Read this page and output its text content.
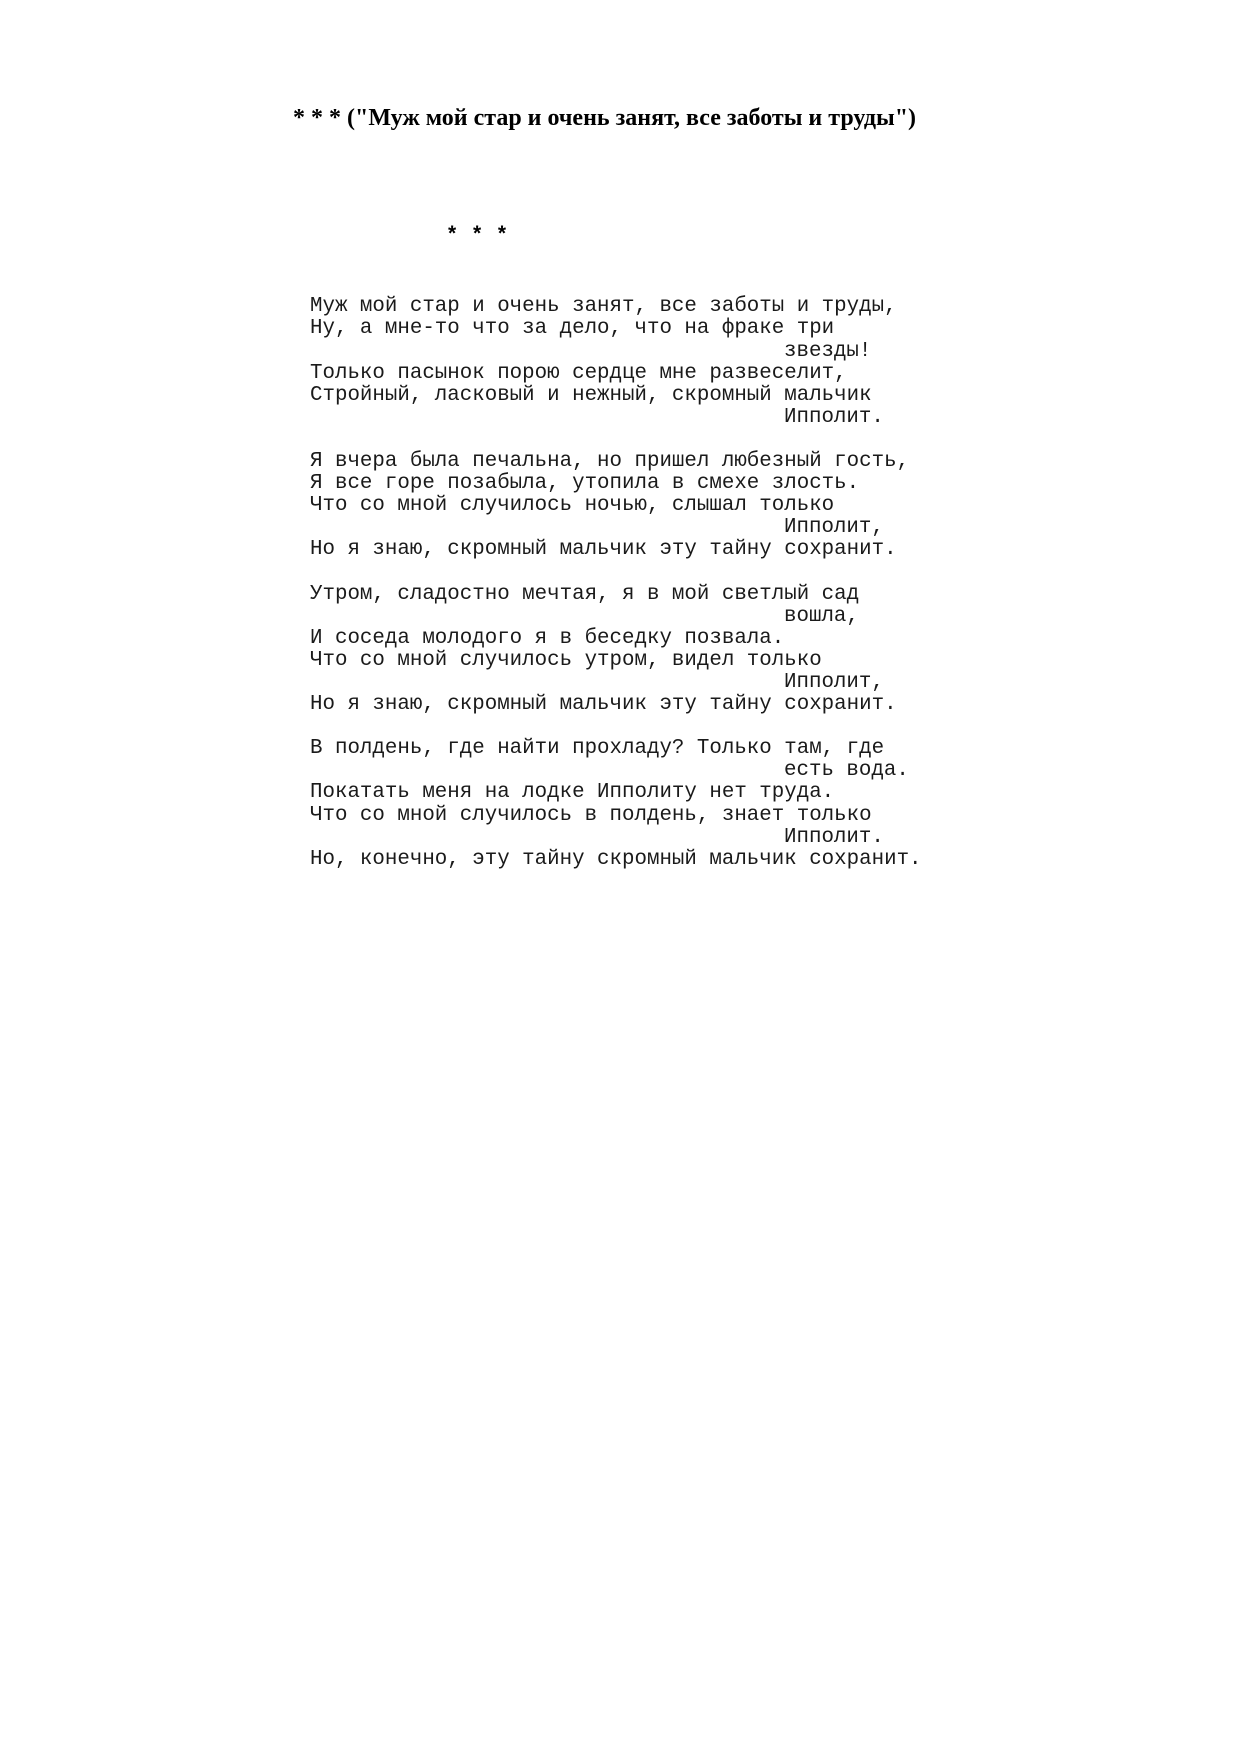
* * * ("Муж мой стар и очень занят, все заботы и труды")

* * *

Муж мой стар и очень занят, все заботы и труды,
Ну, а мне-то что за дело, что на фраке три
звезды!
Только пасынок порою сердце мне развеселит,
Стройный, ласковый и нежный, скромный мальчик
Ипполит.
Я вчера была печальна, но пришел любезный гость,
Я все горе позабыла, утопила в смехе злость.
Что со мной случилось ночью, слышал только
Ипполит,
Но я знаю, скромный мальчик эту тайну сохранит.
Утром, сладостно мечтая, я в мой светлый сад
вошла,
И соседа молодого я в беседку позвала.
Что со мной случилось утром, видел только
Ипполит,
Но я знаю, скромный мальчик эту тайну сохранит.
В полдень, где найти прохладу? Только там, где
есть вода.
Покатать меня на лодке Ипполиту нет труда.
Что со мной случилось в полдень, знает только
Ипполит.
Но, конечно, эту тайну скромный мальчик сохранит.
